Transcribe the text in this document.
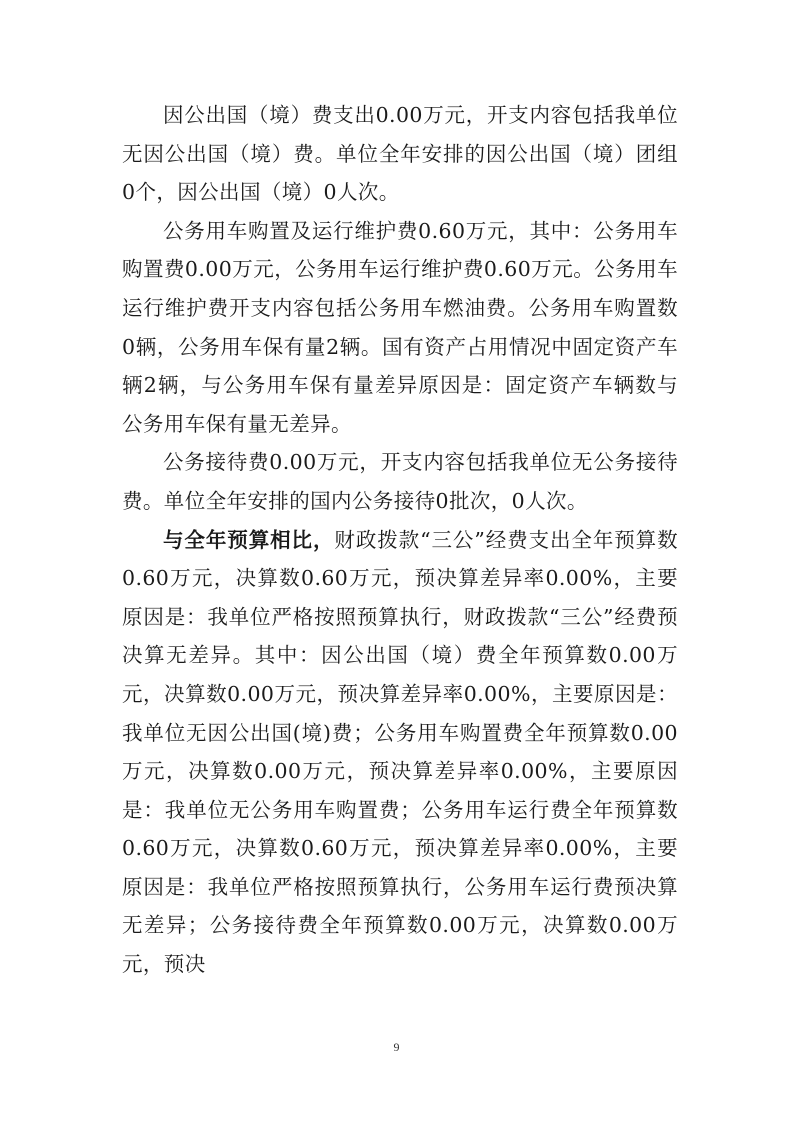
因公出国（境）费支出0.00万元，开支内容包括我单位无因公出国（境）费。单位全年安排的因公出国（境）团组0个，因公出国（境）0人次。

公务用车购置及运行维护费0.60万元，其中：公务用车购置费0.00万元，公务用车运行维护费0.60万元。公务用车运行维护费开支内容包括公务用车燃油费。公务用车购置数0辆，公务用车保有量2辆。国有资产占用情况中固定资产车辆2辆，与公务用车保有量差异原因是：固定资产车辆数与公务用车保有量无差异。

公务接待费0.00万元，开支内容包括我单位无公务接待费。单位全年安排的国内公务接待0批次，0人次。

与全年预算相比，财政拨款“三公”经费支出全年预算数0.60万元，决算数0.60万元，预决算差异率0.00%，主要原因是：我单位严格按照预算执行，财政拨款“三公”经费预决算无差异。其中：因公出国（境）费全年预算数0.00万元，决算数0.00万元，预决算差异率0.00%，主要原因是：我单位无因公出国(境)费；公务用车购置费全年预算数0.00万元，决算数0.00万元，预决算差异率0.00%，主要原因是：我单位无公务用车购置费；公务用车运行费全年预算数0.60万元，决算数0.60万元，预决算差异率0.00%，主要原因是：我单位严格按照预算执行，公务用车运行费预决算无差异；公务接待费全年预算数0.00万元，决算数0.00万元，预决

9
